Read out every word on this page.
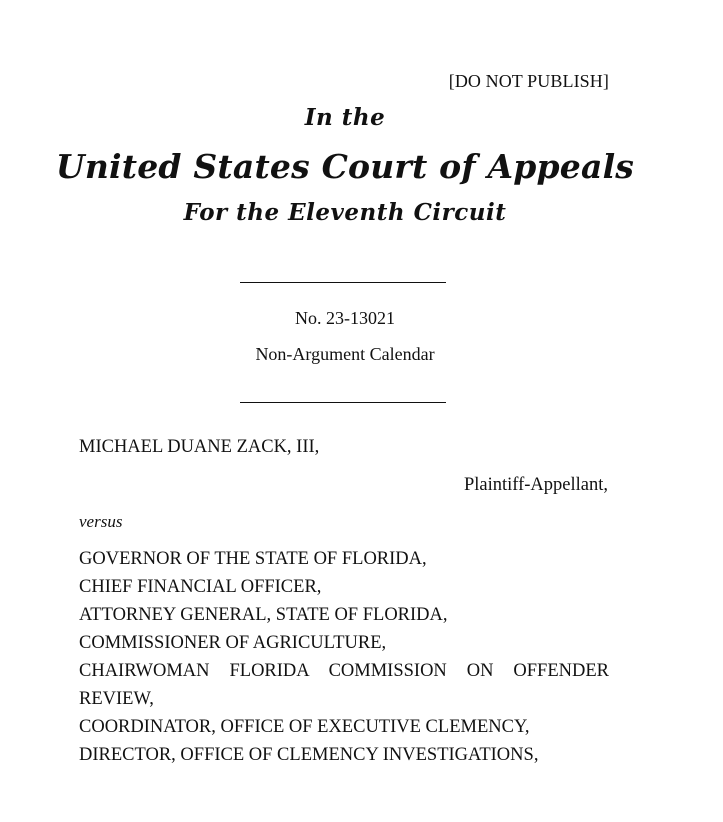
[DO NOT PUBLISH]

In the

United States Court of Appeals

For the Eleventh Circuit

No. 23-13021

Non-Argument Calendar

MICHAEL DUANE ZACK, III,

Plaintiff-Appellant,

versus

GOVERNOR OF THE STATE OF FLORIDA,
CHIEF FINANCIAL OFFICER,
ATTORNEY GENERAL, STATE OF FLORIDA,
COMMISSIONER OF AGRICULTURE,
CHAIRWOMAN FLORIDA COMMISSION ON OFFENDER
REVIEW,
COORDINATOR, OFFICE OF EXECUTIVE CLEMENCY,
DIRECTOR, OFFICE OF CLEMENCY INVESTIGATIONS,
